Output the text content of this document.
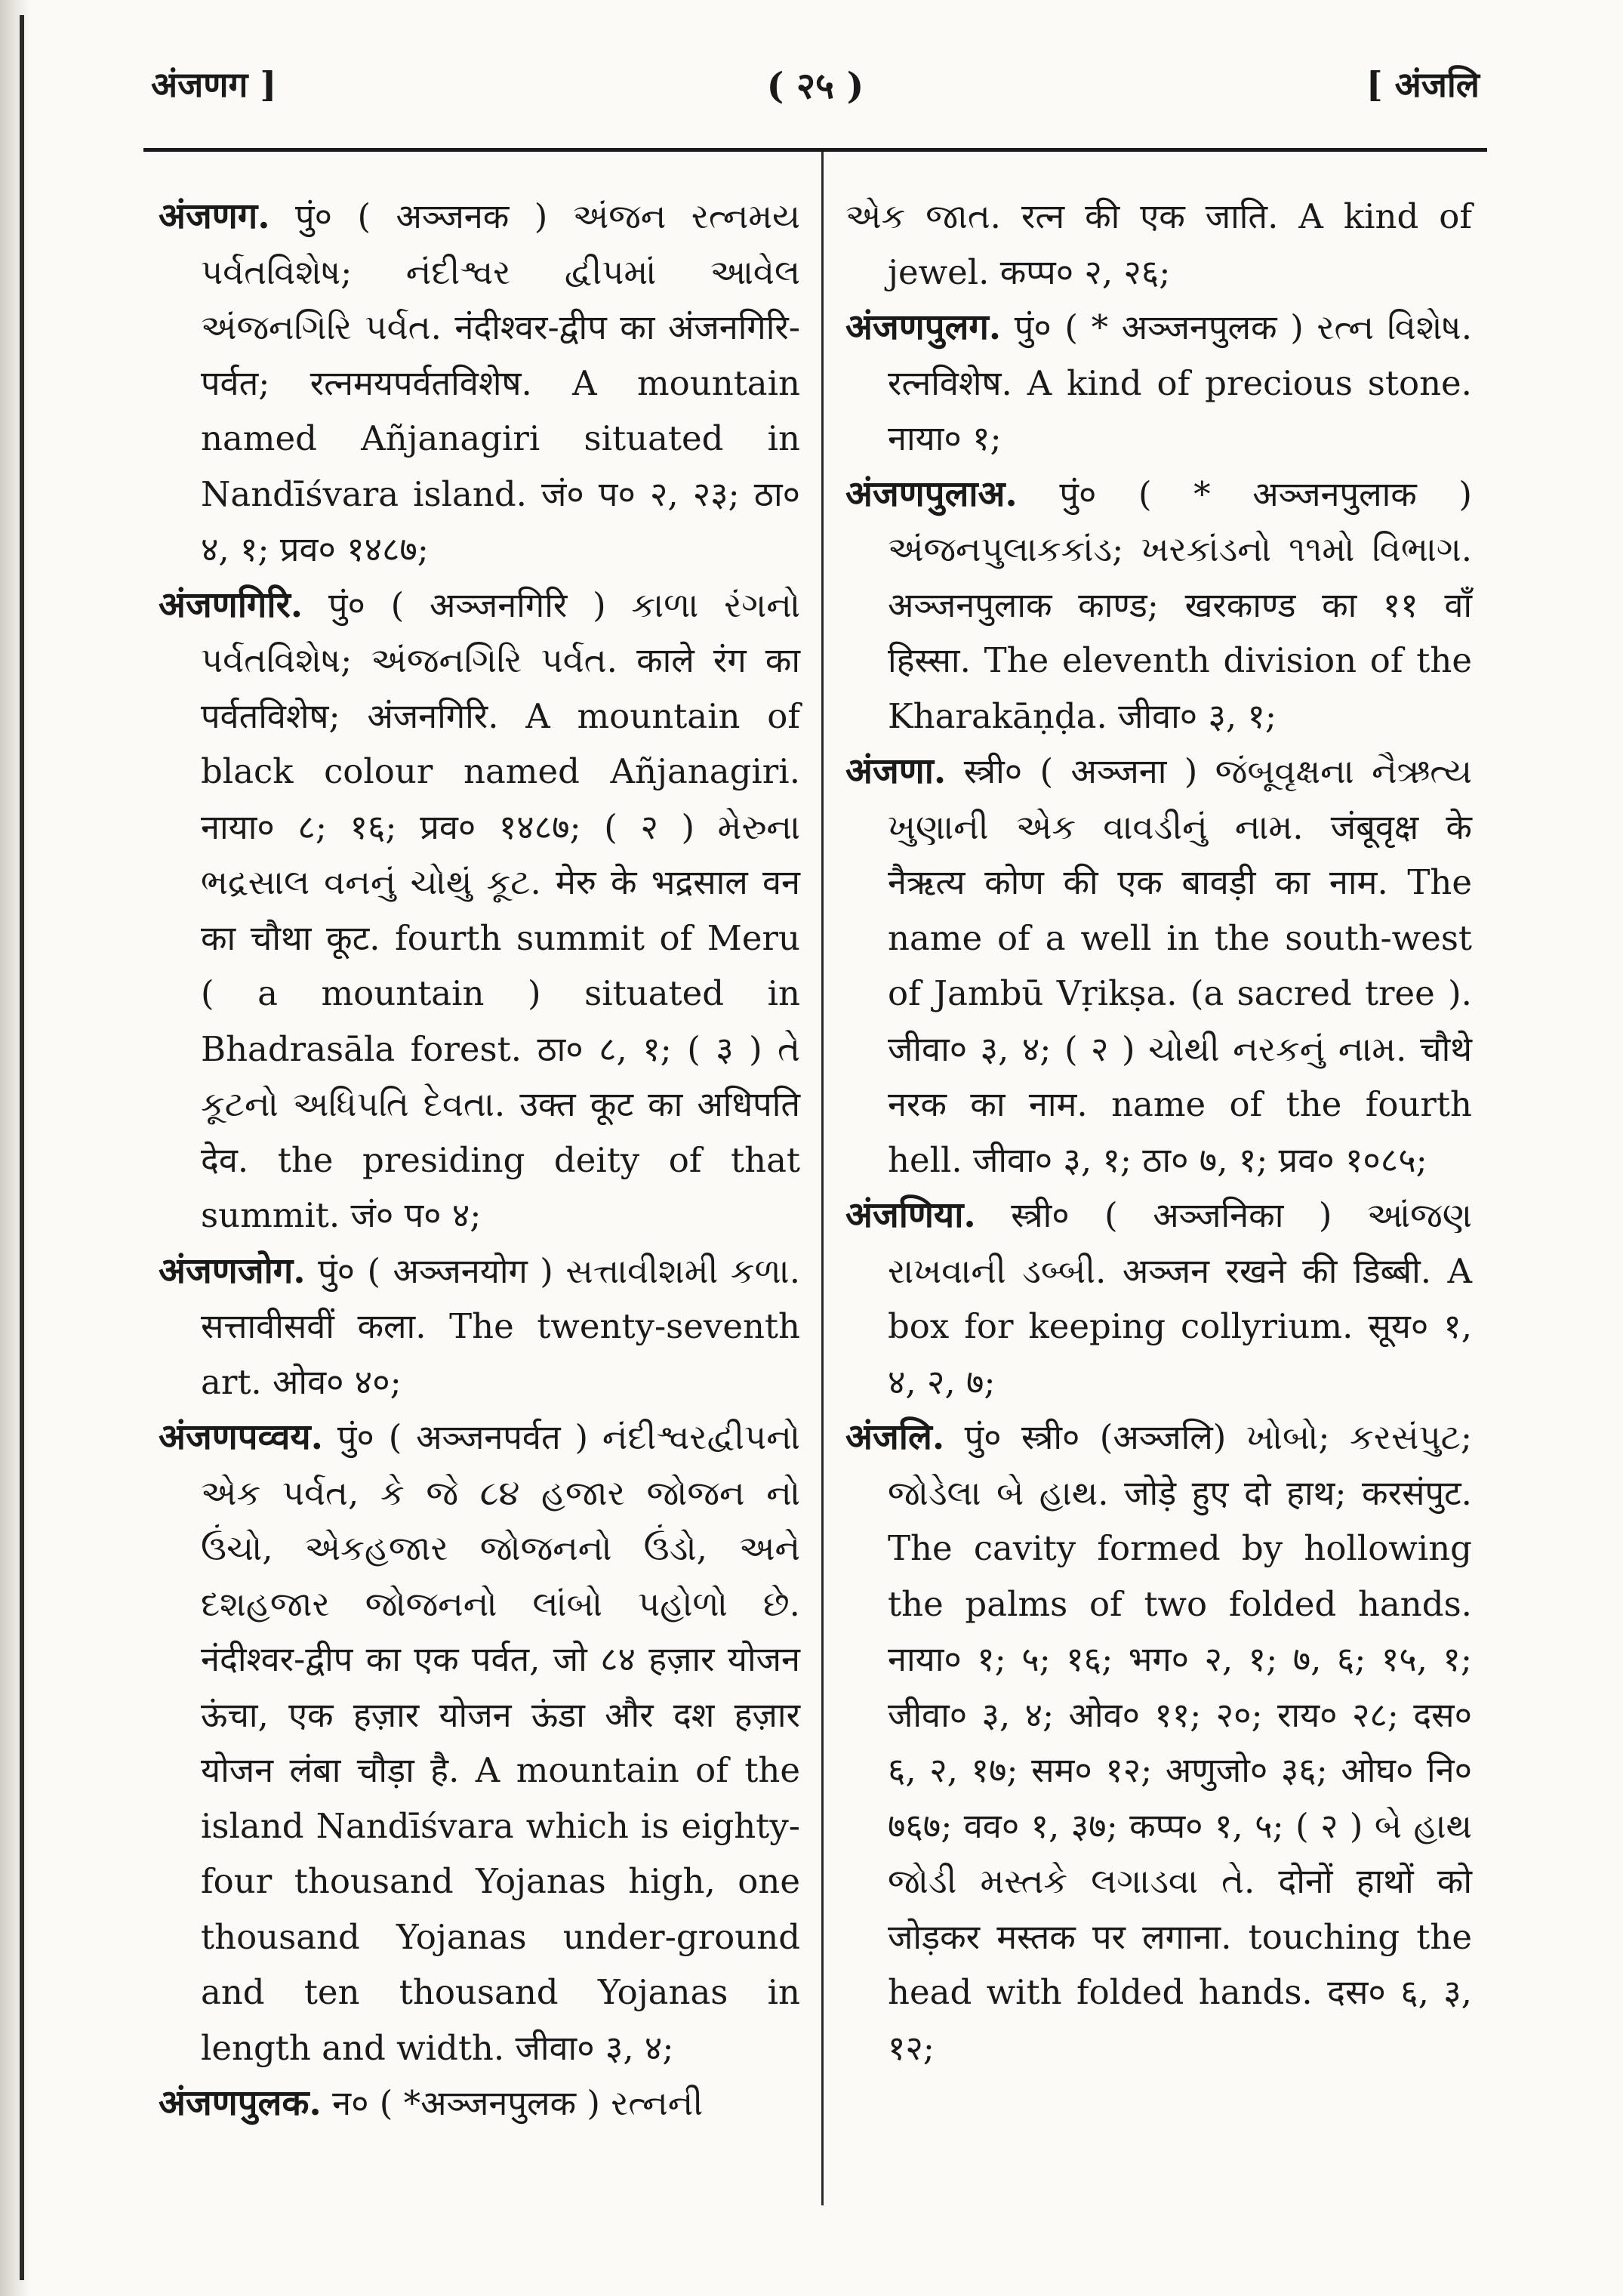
अंजणग ]	( २५ )	[ अंजलि

अंजणग. पुं० ( अञ्जनक ) અંજન રત્નમય પર્વતવિશેષ; નંદીશ્વર દ્વીપમાં આવેલ અંજનગિરિ પર્વત. नंदीश्वर-द्वीप का अंजनगिरि-पर्वत; रत्नमयपर्वतविशेष. A mountain named Añjanagiri situated in Nandīśvara island. जं० प० २, २३; ठा० ४, १; प्रव० १४८७;

अंजणगिरि. पुं० ( अञ्जनगिरि ) કાળા રંગનો પર્વતવિશેષ; અંજનગિરિ પર્વત. काले रंग का पर्वतविशेष; अंजनगिरि. A mountain of black colour named Añjanagiri. नाया० ८; १६; प्रव० १४८७; ( २ ) મેરુના ભદ્રસાલ વનનું ચોથું કૂટ. मेरु के भद्रसाल वन का चौथा कूट. fourth summit of Meru ( a mountain ) situated in Bhadrasāla forest. ठा० ८, १; ( ३ ) તે કૂટનો અધિપતિ દેવતા. उक्त कूट का अधिपति देव. the presiding deity of that summit. जं० प० ४;

अंजणजोग. पुं० ( अञ्जनयोग ) સત્તાવીશમી કળા. सत्तावीसवीं कला. The twenty-seventh art. ओव० ४०;

अंजणपव्वय. पुं० ( अञ्जनपर्वत ) નંદીશ્વરદ્વીપનો એક પર્વત, કે જે ૮૪ હજાર જોજન નો ઉંચો, એકહજાર જોજનનો ઉંડો, અને દશહજાર જોજનનો લાંબો પહોળો છે. नंदीश्वर-द्वीप का एक पर्वत, जो ८४ हज़ार योजन ऊंचा, एक हज़ार योजन ऊंडा और दश हज़ार योजन लंबा चौड़ा है. A mountain of the island Nandīśvara which is eighty-four thousand Yojanas high, one thousand Yojanas under-ground and ten thousand Yojanas in length and width. जीवा० ३, ४;

अंजणपुलक. न० ( *अञ्जनपुलक ) રત્નની

એક જાત. रत्न की एक जाति. A kind of jewel. कप्प० २, २६;

अंजणपुलग. पुं० ( * अञ्जनपुलक ) રત્ન વિશેષ. रत्नविशेष. A kind of precious stone. नाया० १;

अंजणपुलाअ. पुं० ( * अञ्जनपुलाक ) અંજનપુલાકકાંડ; ખરકાંડનો ૧૧મો વિભાગ. अञ्जनपुलाक काण्ड; खरकाण्ड का ११ वाँ हिस्सा. The eleventh division of the Kharakāṇḍa. जीवा० ३, १;

अंजणा. स्त्री० ( अञ्जना ) જંબૂવૃક્ષના નૈઋત્ય ખુણાની એક વાવડીનું નામ. जंबूवृक्ष के नैऋत्य कोण की एक बावड़ी का नाम. The name of a well in the south-west of Jambū Vṛikṣa. (a sacred tree ). जीवा० ३, ४; ( २ ) ચોથી નરકનું નામ. चौथे नरक का नाम. name of the fourth hell. जीवा० ३, १; ठा० ७, १; प्रव० १०८५;

अंजणिया. स्त्री० ( अञ्जनिका ) આંજણ રાખવાની ડબ્બી. अञ्जन रखने की डिब्बी. A box for keeping collyrium. सूय० १, ४, २, ७;

अंजलि. पुं० स्त्री० (अञ्जलि) ખોબો; કરસંપુટ; જોડેલા બે હાથ. जोड़े हुए दो हाथ; करसंपुट. The cavity formed by hollowing the palms of two folded hands. नाया० १; ५; १६; भग० २, १; ७, ६; १५, १; जीवा० ३, ४; ओव० ११; २०; राय० २८; दस० ६, २, १७; सम० १२; अणुजो० ३६; ओघ० नि० ७६७; वव० १, ३७; कप्प० १, ५; ( २ ) બે હાથ જોડી મસ્તકે લગાડવા તે. दोनों हाथों को जोड़कर मस्तक पर लगाना. touching the head with folded hands. दस० ६, ३, १२;
